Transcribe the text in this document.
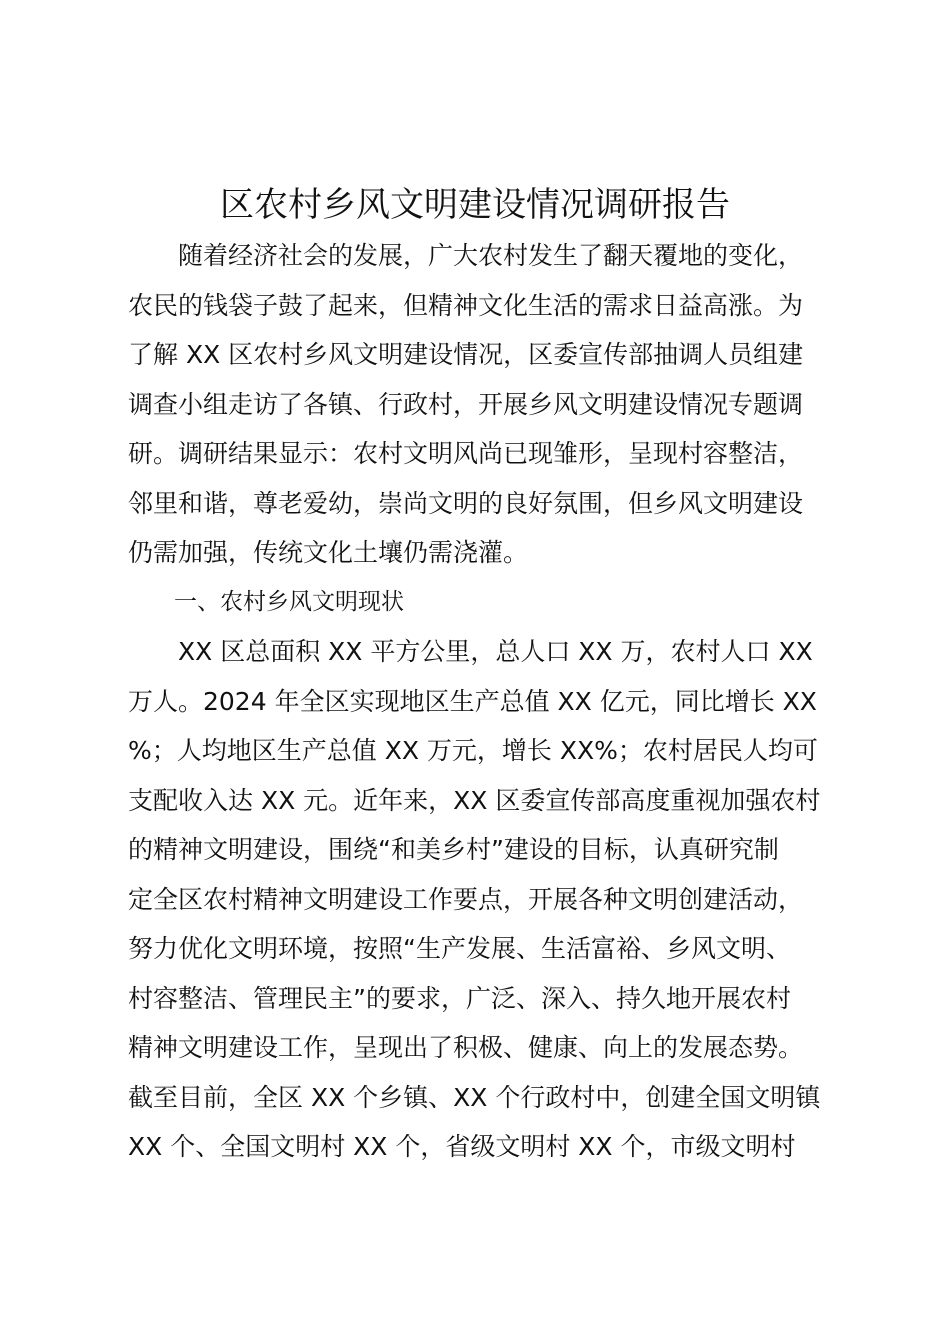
区农村乡风文明建设情况调研报告

随着经济社会的发展，广大农村发生了翻天覆地的变化，
农民的钱袋子鼓了起来，但精神文化生活的需求日益高涨。为
了解 XX 区农村乡风文明建设情况，区委宣传部抽调人员组建
调查小组走访了各镇、行政村，开展乡风文明建设情况专题调
研。调研结果显示：农村文明风尚已现雏形，呈现村容整洁，
邻里和谐，尊老爱幼，崇尚文明的良好氛围，但乡风文明建设
仍需加强，传统文化土壤仍需浇灌。

一、农村乡风文明现状

XX 区总面积 XX 平方公里，总人口 XX 万，农村人口 XX
万人。2024 年全区实现地区生产总值 XX 亿元，同比增长 XX
%；人均地区生产总值 XX 万元，增长 XX%；农村居民人均可
支配收入达 XX 元。近年来，XX 区委宣传部高度重视加强农村
的精神文明建设，围绕“和美乡村”建设的目标，认真研究制
定全区农村精神文明建设工作要点，开展各种文明创建活动，
努力优化文明环境，按照“生产发展、生活富裕、乡风文明、
村容整洁、管理民主”的要求，广泛、深入、持久地开展农村
精神文明建设工作，呈现出了积极、健康、向上的发展态势。
截至目前，全区 XX 个乡镇、XX 个行政村中，创建全国文明镇
XX 个、全国文明村 XX 个，省级文明村 XX 个，市级文明村
